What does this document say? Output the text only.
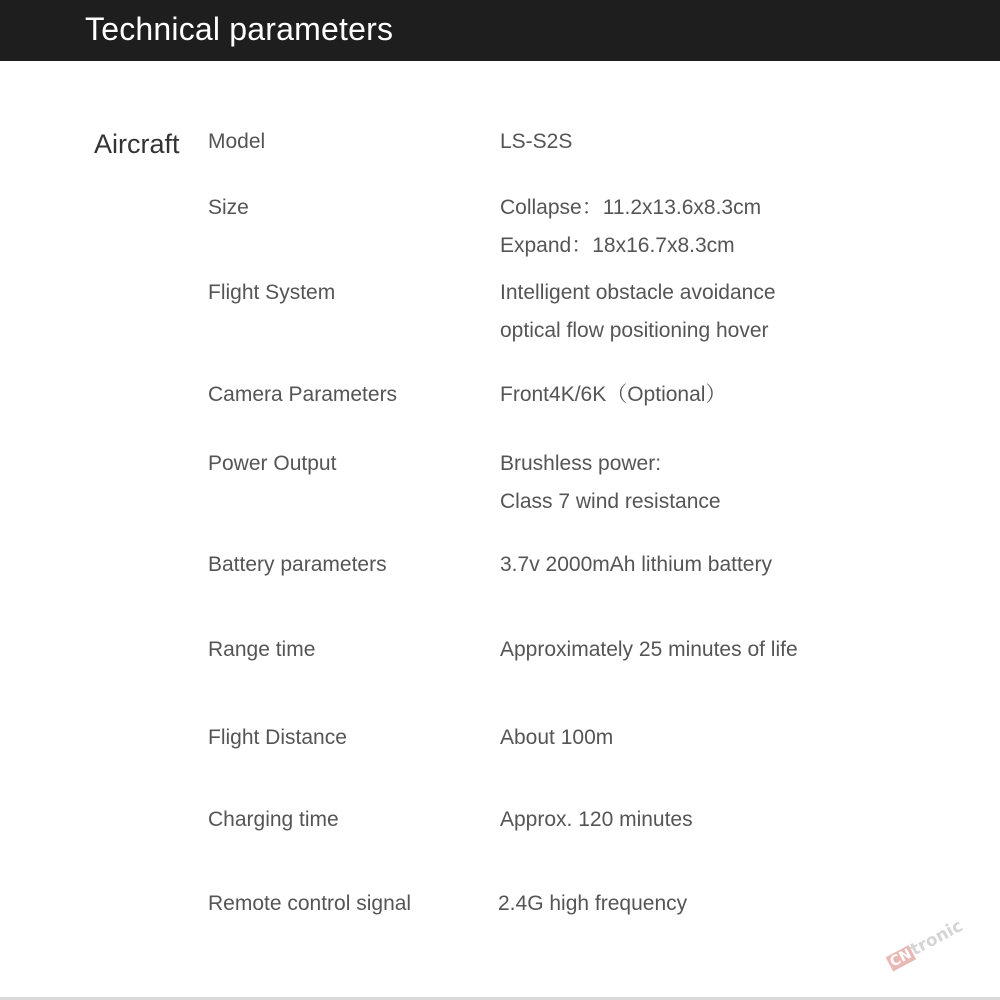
Technical parameters
Aircraft Model	LS-S2S
Size	Collapse：11.2x13.6x8.3cm
Expand：18x16.7x8.3cm
Flight System	Intelligent obstacle avoidance
optical flow positioning hover
Camera Parameters	Front4K/6K（Optional）
Power Output	Brushless power:
Class 7 wind resistance
Battery parameters	3.7v 2000mAh lithium battery
Range time	Approximately 25 minutes of life
Flight Distance	About 100m
Charging time	Approx. 120 minutes
Remote control signal	2.4G high frequency
CNtronic
